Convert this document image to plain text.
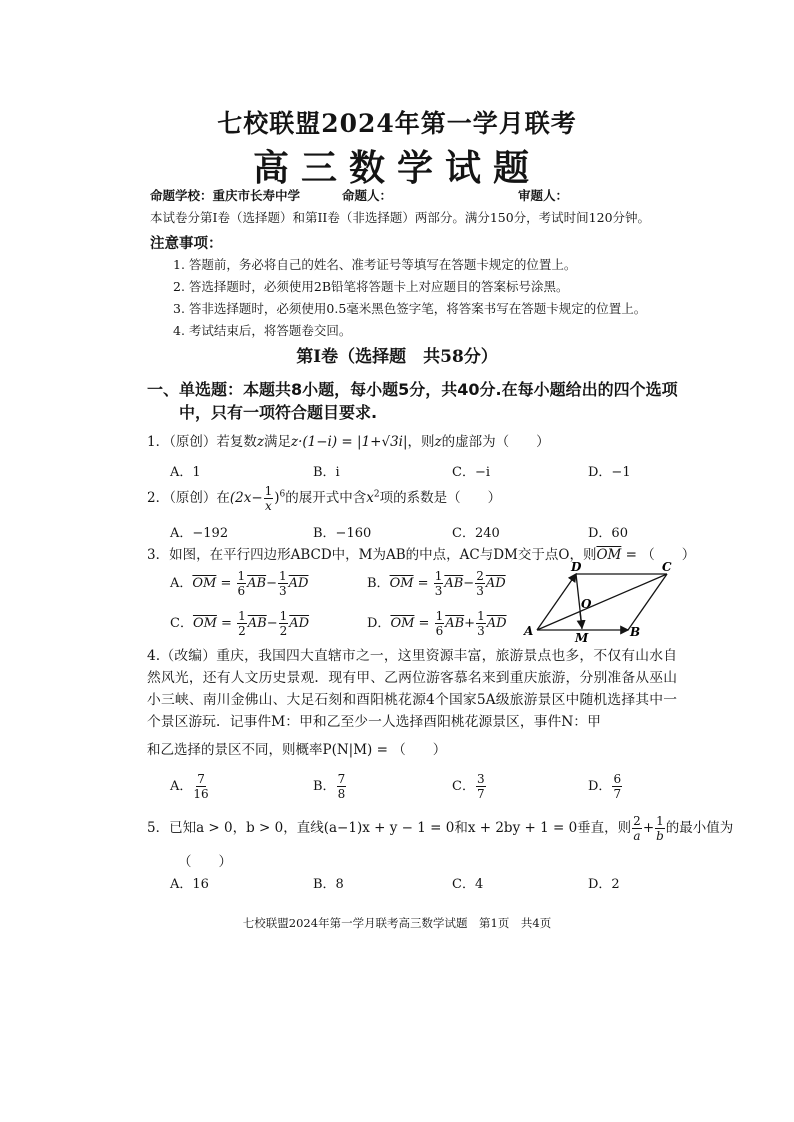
七校联盟2024年第一学月联考
高三数学试题
命题学校：重庆市长寿中学	命题人：	审题人：
本试卷分第I卷（选择题）和第II卷（非选择题）两部分。满分150分，考试时间120分钟。
注意事项：
1. 答题前，务必将自己的姓名、准考证号等填写在答题卡规定的位置上。
2. 答选择题时，必须使用2B铅笔将答题卡上对应题目的答案标号涂黑。
3. 答非选择题时，必须使用0.5毫米黑色签字笔，将答案书写在答题卡规定的位置上。
4. 考试结束后，将答题卷交回。
第I卷（选择题　共58分）
一、单选题：本题共8小题，每小题5分，共40分.在每小题给出的四个选项
中，只有一项符合题目要求.
1．（原创）若复数z满足z·(1−i) = |1+√3i|，则z的虚部为（　　）
A．1	B．i	C．−i	D．−1
2．（原创）在$(2x- \frac{1}{x} )^6$的展开式中含$x^2$项的系数是（　　）
A．−192	B．−160	C．240	D．60
3．如图，在平行四边形ABCD中，M为AB的中点，AC与DM交于点O，则$\overline{OM}$ = （　　）
A．$\overline{OM} = \frac{1}{6} \overline{AB}- \frac{1}{3} \overline{AD}$	B．$\overline{OM} = \frac{1}{3} \overline{AB}- \frac{2}{3} \overline{AD}$
C．$\overline{OM} = \frac{1}{2} \overline{AB}- \frac{1}{2} \overline{AD}$	D．$\overline{OM} = \frac{1}{6} \overline{AB}+ \frac{1}{3} \overline{AD}$ A	B
C
D
O
M
4.（改编）重庆，我国四大直辖市之一，这里资源丰富，旅游景点也多，不仅有山水自然风光，还有人文历史景观．现有甲、乙两位游客慕名来到重庆旅游，分别准备从巫山小三峡、南川金佛山、大足石刻和酉阳桃花源4个国家5A级旅游景区中随机选择其中一个景区游玩．记事件M：甲和乙至少一人选择酉阳桃花源景区，事件N：甲
和乙选择的景区不同，则概率P(N|M) = （　　）
A． $\frac{7}{16}$	B． $\frac{7}{8}$	C． $\frac{3}{7}$	D． $\frac{6}{7}$
5．已知a > 0，b > 0，直线(a−1)x + y − 1 = 0和x + 2by + 1 = 0垂直，则 $\frac{2}{a} + \frac{1}{b}$ 的最小值为
（　　）
A．16	B．8	C．4	D．2
七校联盟2024年第一学月联考高三数学试题　第1页　共4页
